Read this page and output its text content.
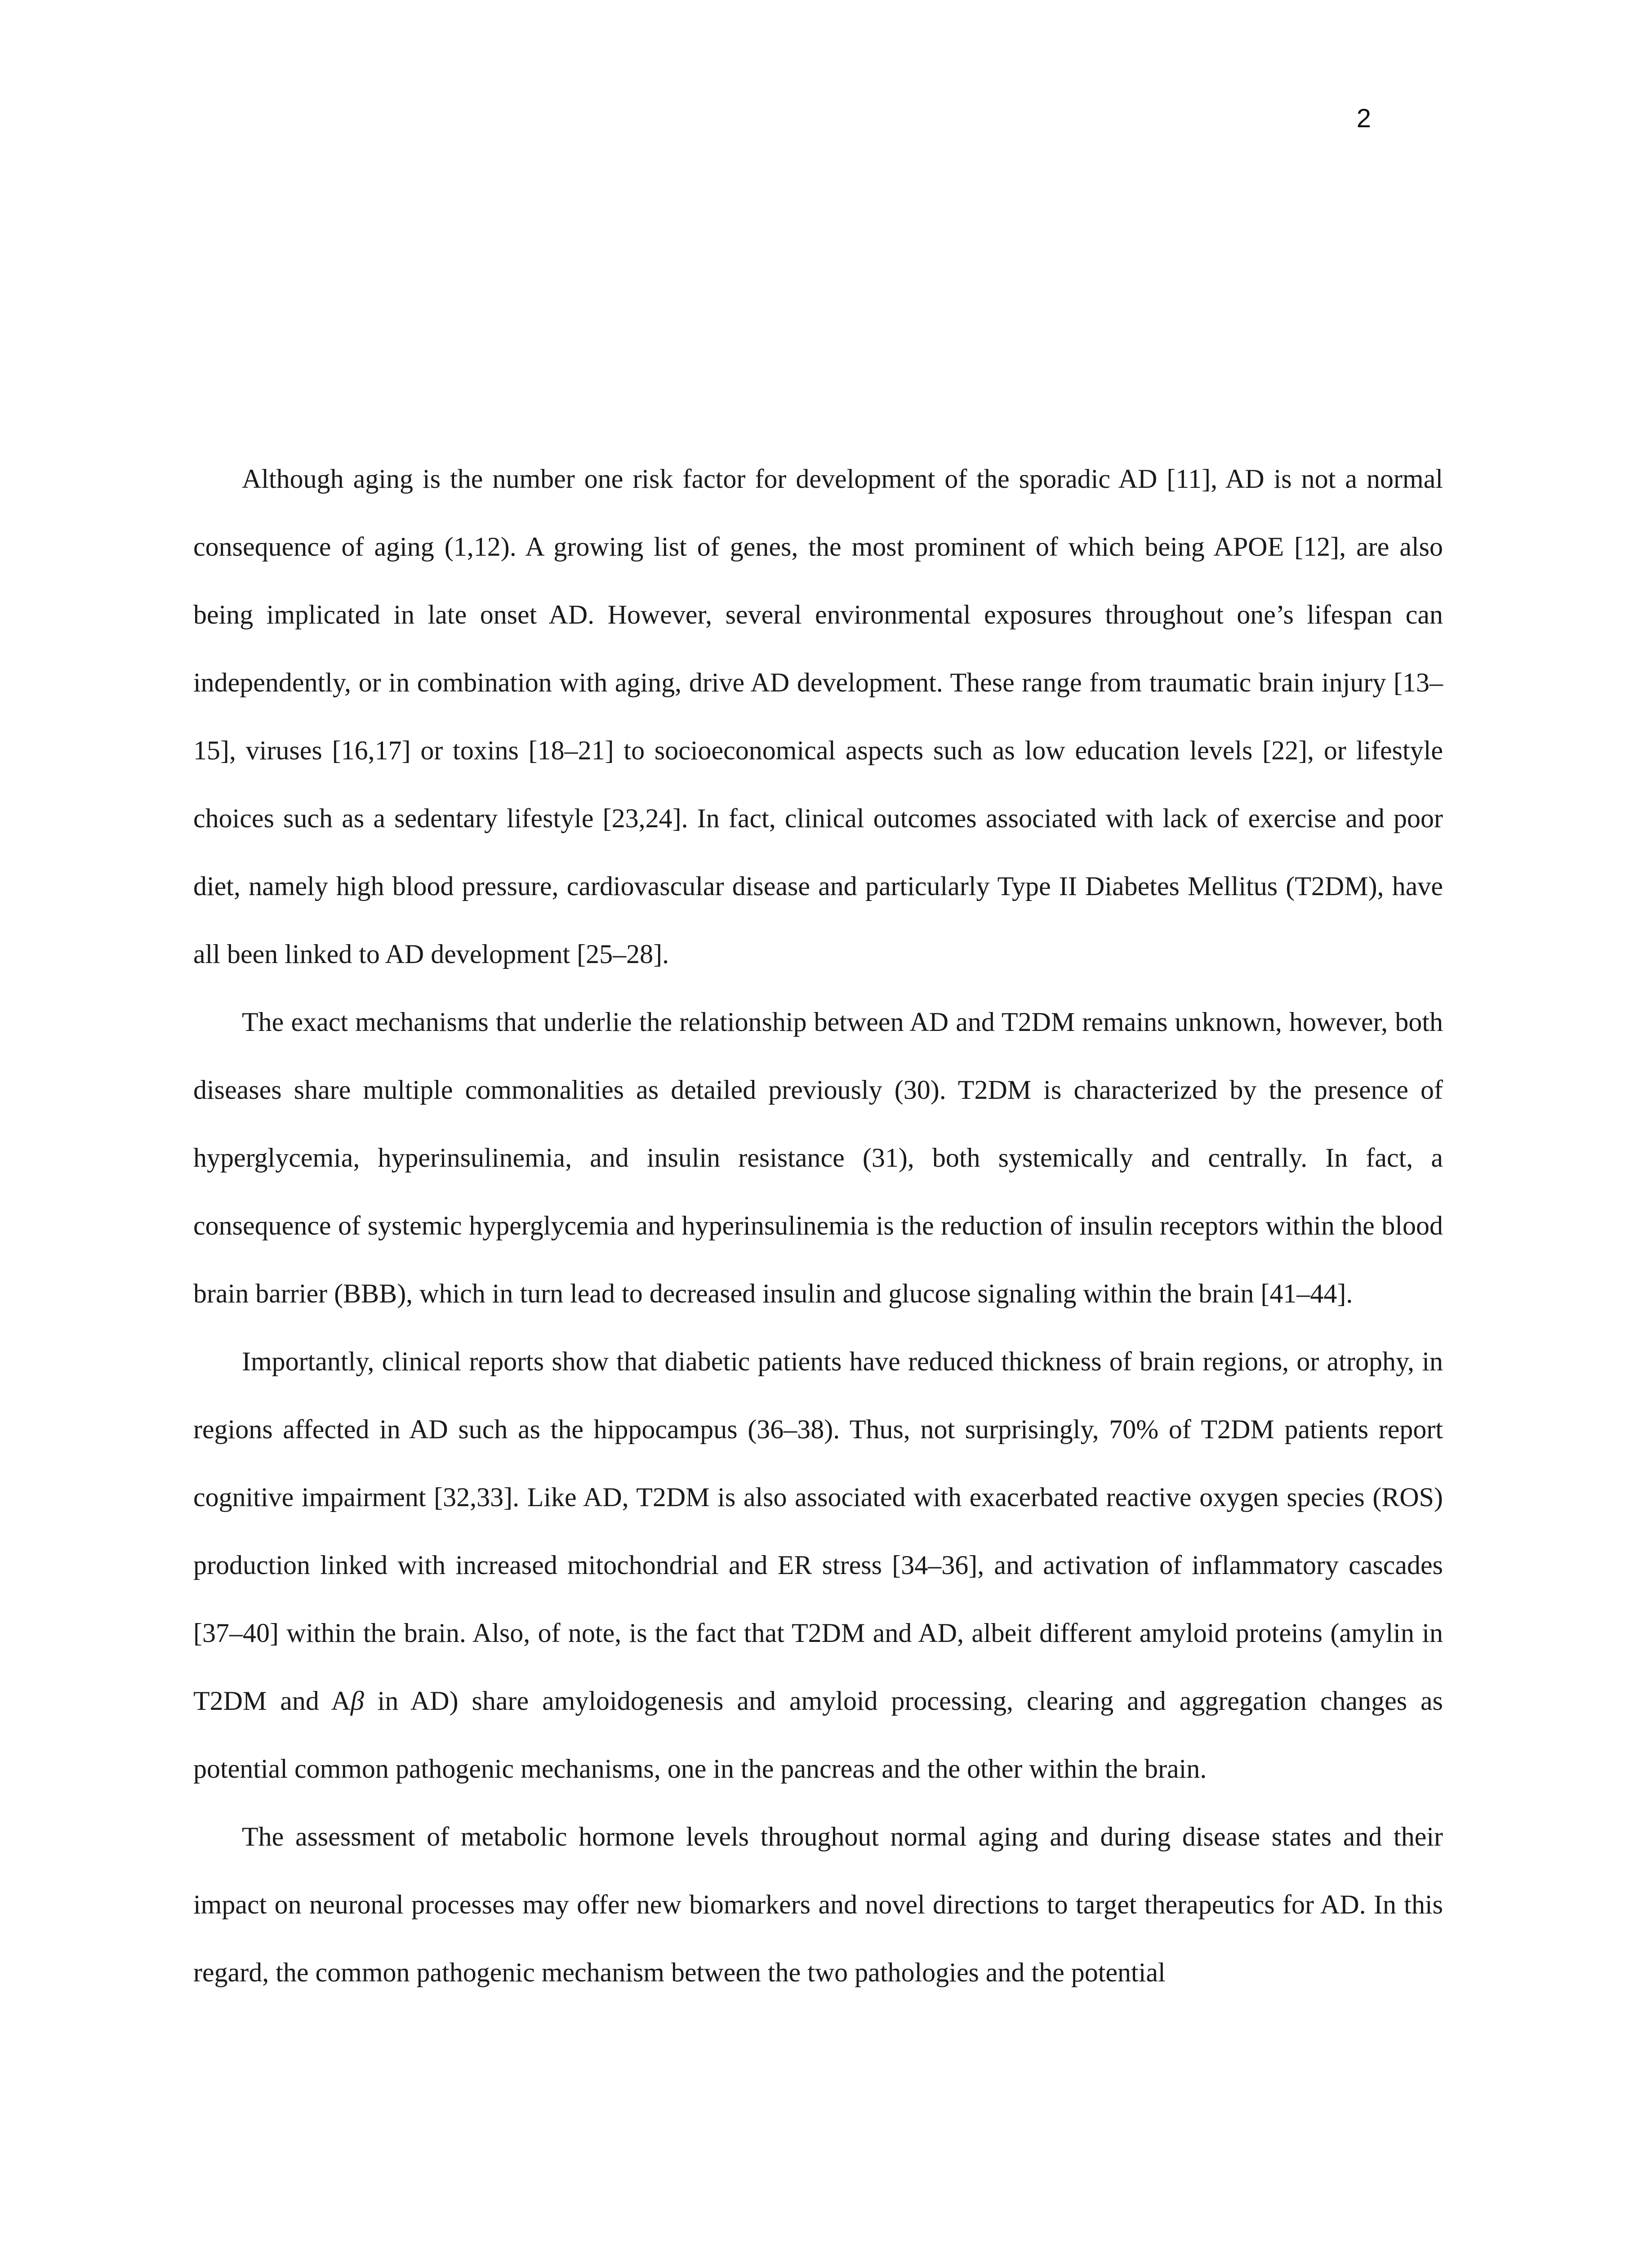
2

Although aging is the number one risk factor for development of the sporadic AD [11], AD is not a normal consequence of aging (1,12). A growing list of genes, the most prominent of which being APOE [12], are also being implicated in late onset AD. However, several environmental exposures throughout one’s lifespan can independently, or in combination with aging, drive AD development. These range from traumatic brain injury [13–15], viruses [16,17] or toxins [18–21] to socioeconomical aspects such as low education levels [22], or lifestyle choices such as a sedentary lifestyle [23,24]. In fact, clinical outcomes associated with lack of exercise and poor diet, namely high blood pressure, cardiovascular disease and particularly Type II Diabetes Mellitus (T2DM), have all been linked to AD development [25–28].

The exact mechanisms that underlie the relationship between AD and T2DM remains unknown, however, both diseases share multiple commonalities as detailed previously (30). T2DM is characterized by the presence of hyperglycemia, hyperinsulinemia, and insulin resistance (31), both systemically and centrally. In fact, a consequence of systemic hyperglycemia and hyperinsulinemia is the reduction of insulin receptors within the blood brain barrier (BBB), which in turn lead to decreased insulin and glucose signaling within the brain [41–44].

Importantly, clinical reports show that diabetic patients have reduced thickness of brain regions, or atrophy, in regions affected in AD such as the hippocampus (36–38). Thus, not surprisingly, 70% of T2DM patients report cognitive impairment [32,33]. Like AD, T2DM is also associated with exacerbated reactive oxygen species (ROS) production linked with increased mitochondrial and ER stress [34–36], and activation of inflammatory cascades [37–40] within the brain. Also, of note, is the fact that T2DM and AD, albeit different amyloid proteins (amylin in T2DM and Aβ in AD) share amyloidogenesis and amyloid processing, clearing and aggregation changes as potential common pathogenic mechanisms, one in the pancreas and the other within the brain.

The assessment of metabolic hormone levels throughout normal aging and during disease states and their impact on neuronal processes may offer new biomarkers and novel directions to target therapeutics for AD. In this regard, the common pathogenic mechanism between the two pathologies and the potential
